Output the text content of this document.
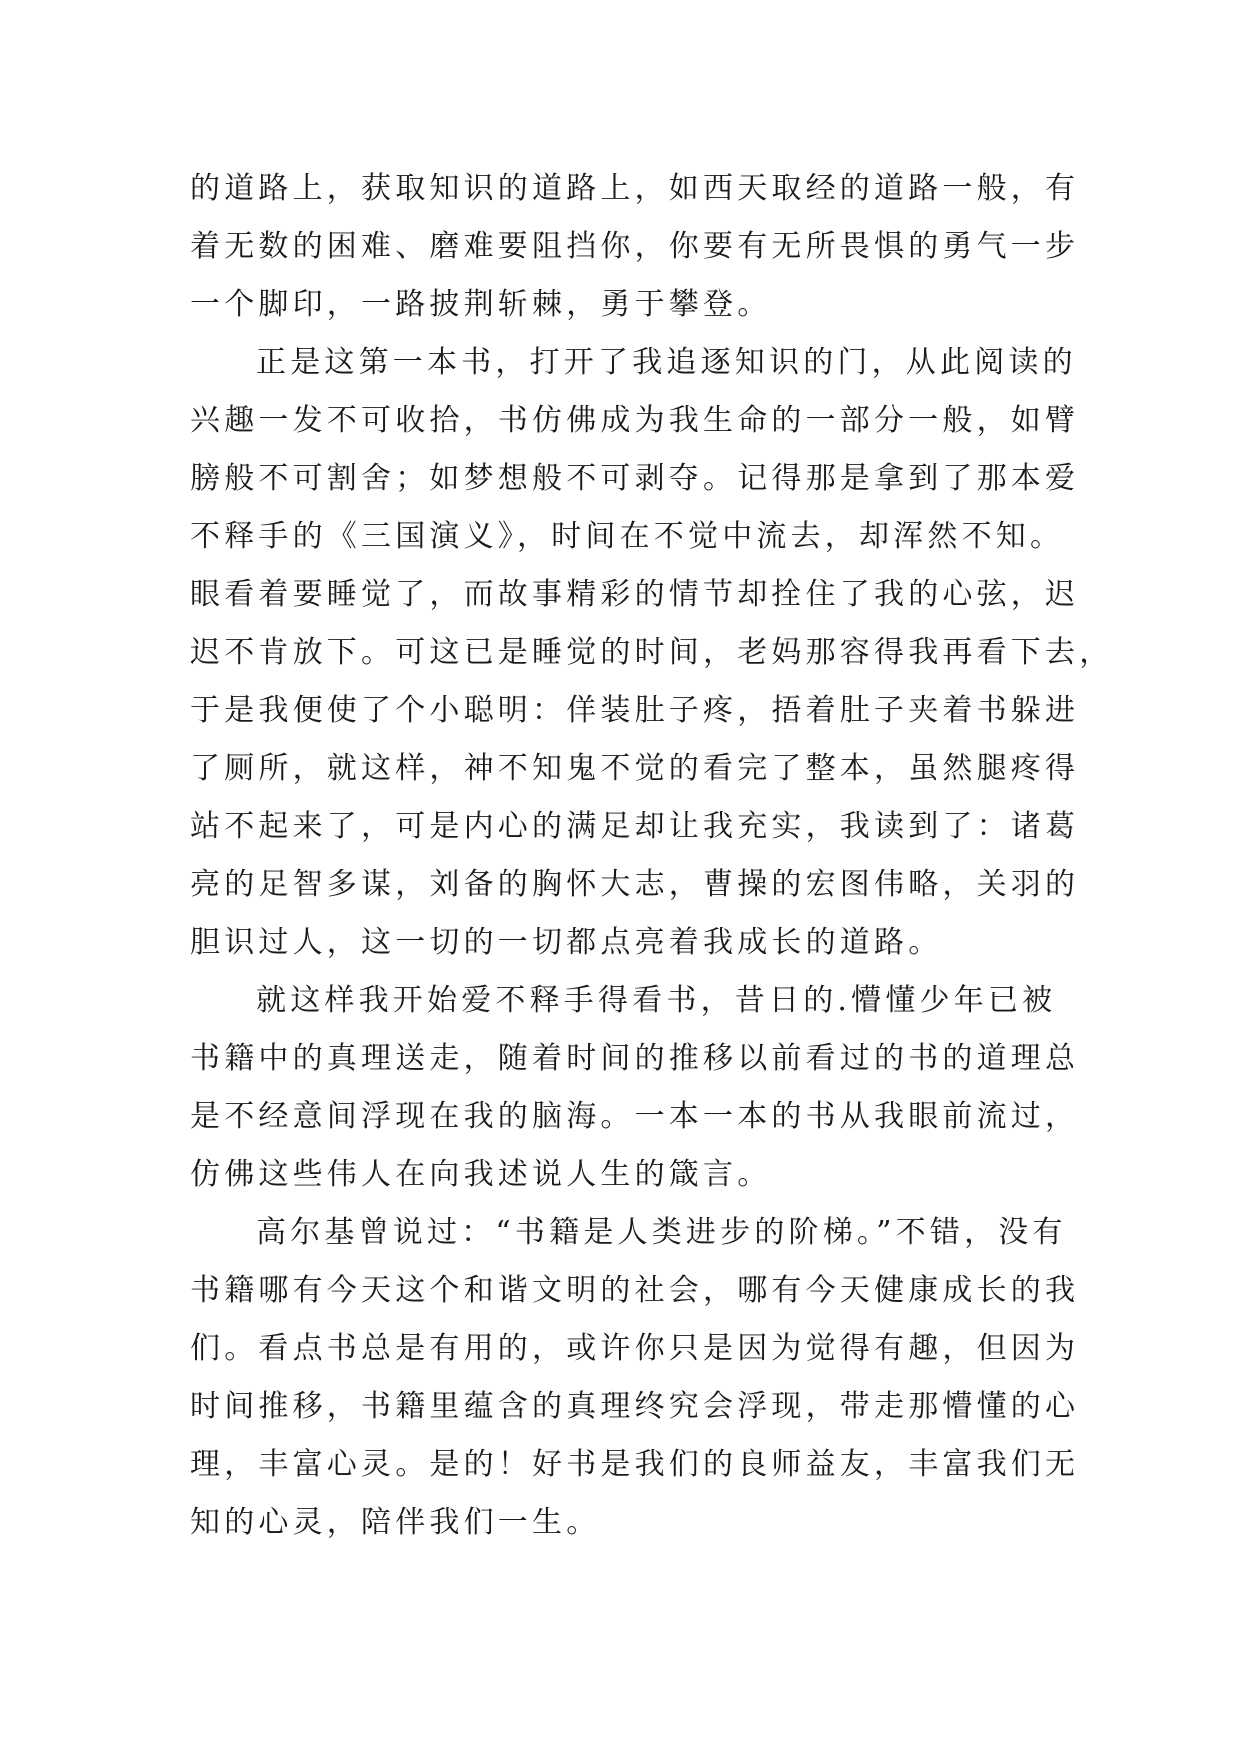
的道路上，获取知识的道路上，如西天取经的道路一般，有
着无数的困难、磨难要阻挡你，你要有无所畏惧的勇气一步
一个脚印，一路披荆斩棘，勇于攀登。
正是这第一本书，打开了我追逐知识的门，从此阅读的
兴趣一发不可收拾，书仿佛成为我生命的一部分一般，如臂
膀般不可割舍；如梦想般不可剥夺。记得那是拿到了那本爱
不释手的《三国演义》，时间在不觉中流去，却浑然不知。
眼看着要睡觉了，而故事精彩的情节却拴住了我的心弦，迟
迟不肯放下。可这已是睡觉的时间，老妈那容得我再看下去，
于是我便使了个小聪明：佯装肚子疼，捂着肚子夹着书躲进
了厕所，就这样，神不知鬼不觉的看完了整本，虽然腿疼得
站不起来了，可是内心的满足却让我充实，我读到了：诸葛
亮的足智多谋，刘备的胸怀大志，曹操的宏图伟略，关羽的
胆识过人，这一切的一切都点亮着我成长的道路。
就这样我开始爱不释手得看书，昔日的.懵懂少年已被
书籍中的真理送走，随着时间的推移以前看过的书的道理总
是不经意间浮现在我的脑海。一本一本的书从我眼前流过，
仿佛这些伟人在向我述说人生的箴言。
高尔基曾说过：“书籍是人类进步的阶梯。”不错，没有
书籍哪有今天这个和谐文明的社会，哪有今天健康成长的我
们。看点书总是有用的，或许你只是因为觉得有趣，但因为
时间推移，书籍里蕴含的真理终究会浮现，带走那懵懂的心
理，丰富心灵。是的！好书是我们的良师益友，丰富我们无
知的心灵，陪伴我们一生。
